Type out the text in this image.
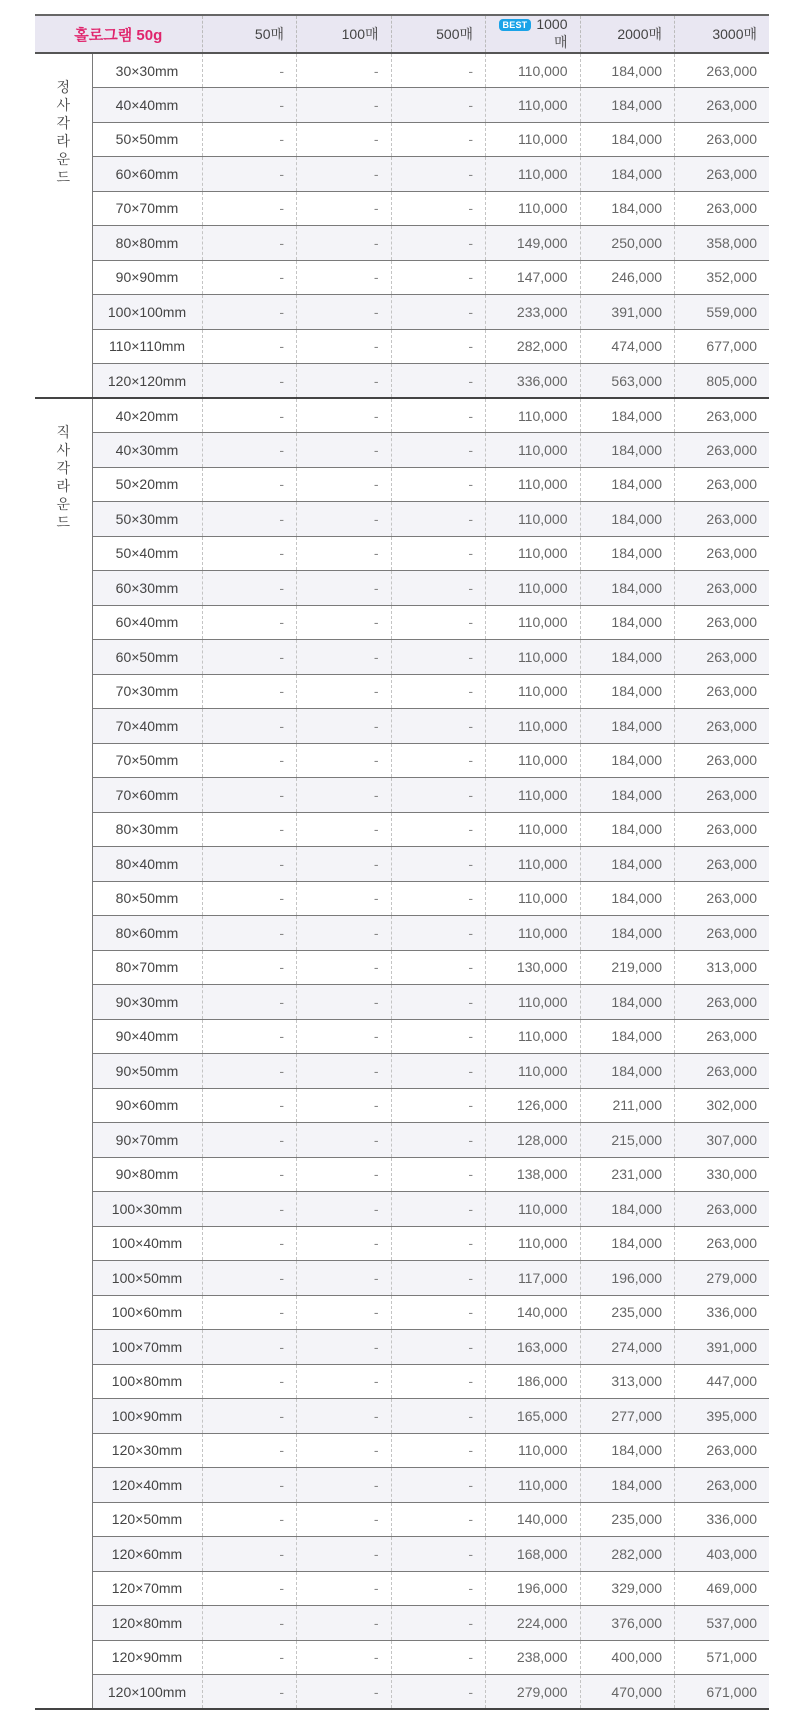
홀로그램 50g		50매	100매	500매	BEST 1000매	2000매	3000매
정사각라운드	30×30mm	-	-	-	110,000	184,000	263,000
	40×40mm	-	-	-	110,000	184,000	263,000
	50×50mm	-	-	-	110,000	184,000	263,000
	60×60mm	-	-	-	110,000	184,000	263,000
	70×70mm	-	-	-	110,000	184,000	263,000
	80×80mm	-	-	-	149,000	250,000	358,000
	90×90mm	-	-	-	147,000	246,000	352,000
	100×100mm	-	-	-	233,000	391,000	559,000
	110×110mm	-	-	-	282,000	474,000	677,000
	120×120mm	-	-	-	336,000	563,000	805,000
직사각라운드	40×20mm	-	-	-	110,000	184,000	263,000
	40×30mm	-	-	-	110,000	184,000	263,000
	50×20mm	-	-	-	110,000	184,000	263,000
	50×30mm	-	-	-	110,000	184,000	263,000
	50×40mm	-	-	-	110,000	184,000	263,000
	60×30mm	-	-	-	110,000	184,000	263,000
	60×40mm	-	-	-	110,000	184,000	263,000
	60×50mm	-	-	-	110,000	184,000	263,000
	70×30mm	-	-	-	110,000	184,000	263,000
	70×40mm	-	-	-	110,000	184,000	263,000
	70×50mm	-	-	-	110,000	184,000	263,000
	70×60mm	-	-	-	110,000	184,000	263,000
	80×30mm	-	-	-	110,000	184,000	263,000
	80×40mm	-	-	-	110,000	184,000	263,000
	80×50mm	-	-	-	110,000	184,000	263,000
	80×60mm	-	-	-	110,000	184,000	263,000
	80×70mm	-	-	-	130,000	219,000	313,000
	90×30mm	-	-	-	110,000	184,000	263,000
	90×40mm	-	-	-	110,000	184,000	263,000
	90×50mm	-	-	-	110,000	184,000	263,000
	90×60mm	-	-	-	126,000	211,000	302,000
	90×70mm	-	-	-	128,000	215,000	307,000
	90×80mm	-	-	-	138,000	231,000	330,000
	100×30mm	-	-	-	110,000	184,000	263,000
	100×40mm	-	-	-	110,000	184,000	263,000
	100×50mm	-	-	-	117,000	196,000	279,000
	100×60mm	-	-	-	140,000	235,000	336,000
	100×70mm	-	-	-	163,000	274,000	391,000
	100×80mm	-	-	-	186,000	313,000	447,000
	100×90mm	-	-	-	165,000	277,000	395,000
	120×30mm	-	-	-	110,000	184,000	263,000
	120×40mm	-	-	-	110,000	184,000	263,000
	120×50mm	-	-	-	140,000	235,000	336,000
	120×60mm	-	-	-	168,000	282,000	403,000
	120×70mm	-	-	-	196,000	329,000	469,000
	120×80mm	-	-	-	224,000	376,000	537,000
	120×90mm	-	-	-	238,000	400,000	571,000
	120×100mm	-	-	-	279,000	470,000	671,000
